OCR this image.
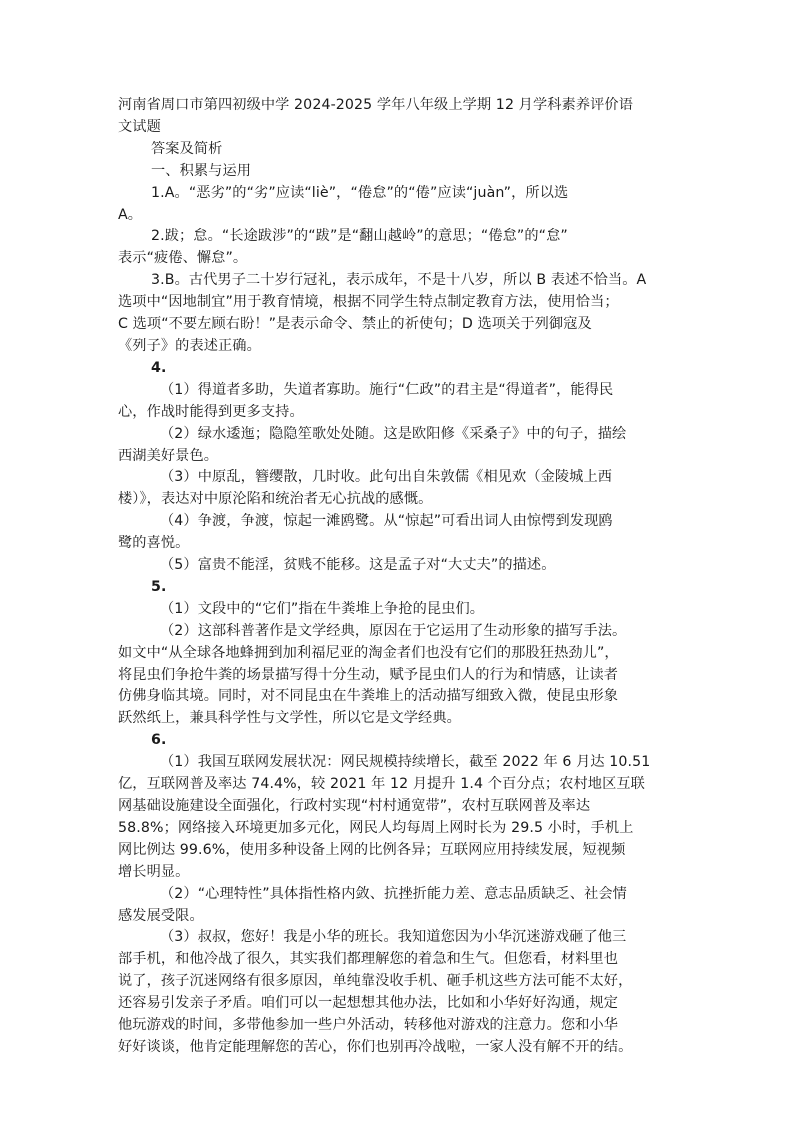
河南省周口市第四初级中学 2024-2025 学年八年级上学期 12 月学科素养评价语
文试题
答案及简析
一、积累与运用
1.A。“恶劣”的“劣”应读“liè”，“倦怠”的“倦”应读“juàn”，所以选
A。
2.跋；怠。“长途跋涉”的“跋”是“翻山越岭”的意思；“倦怠”的“怠”
表示“疲倦、懈怠”。
3.B。古代男子二十岁行冠礼，表示成年，不是十八岁，所以 B 表述不恰当。A
选项中“因地制宜”用于教育情境，根据不同学生特点制定教育方法，使用恰当；
C 选项“不要左顾右盼！”是表示命令、禁止的祈使句；D 选项关于列御寇及
《列子》的表述正确。
4.
（1）得道者多助，失道者寡助。施行“仁政”的君主是“得道者”，能得民
心，作战时能得到更多支持。
（2）绿水逶迤；隐隐笙歌处处随。这是欧阳修《采桑子》中的句子，描绘
西湖美好景色。
（3）中原乱，簪缨散，几时收。此句出自朱敦儒《相见欢（金陵城上西
楼）》，表达对中原沦陷和统治者无心抗战的感慨。
（4）争渡，争渡，惊起一滩鸥鹭。从“惊起”可看出词人由惊愕到发现鸥
鹭的喜悦。
（5）富贵不能淫，贫贱不能移。这是孟子对“大丈夫”的描述。
5.
（1）文段中的“它们”指在牛粪堆上争抢的昆虫们。
（2）这部科普著作是文学经典，原因在于它运用了生动形象的描写手法。
如文中“从全球各地蜂拥到加利福尼亚的淘金者们也没有它们的那股狂热劲儿”，
将昆虫们争抢牛粪的场景描写得十分生动，赋予昆虫们人的行为和情感，让读者
仿佛身临其境。同时，对不同昆虫在牛粪堆上的活动描写细致入微，使昆虫形象
跃然纸上，兼具科学性与文学性，所以它是文学经典。
6.
（1）我国互联网发展状况：网民规模持续增长，截至 2022 年 6 月达 10.51
亿，互联网普及率达 74.4%，较 2021 年 12 月提升 1.4 个百分点；农村地区互联
网基础设施建设全面强化，行政村实现“村村通宽带”，农村互联网普及率达
58.8%；网络接入环境更加多元化，网民人均每周上网时长为 29.5 小时，手机上
网比例达 99.6%，使用多种设备上网的比例各异；互联网应用持续发展，短视频
增长明显。
（2）“心理特性”具体指性格内敛、抗挫折能力差、意志品质缺乏、社会情
感发展受限。
（3）叔叔，您好！我是小华的班长。我知道您因为小华沉迷游戏砸了他三
部手机，和他冷战了很久，其实我们都理解您的着急和生气。但您看，材料里也
说了，孩子沉迷网络有很多原因，单纯靠没收手机、砸手机这些方法可能不太好，
还容易引发亲子矛盾。咱们可以一起想想其他办法，比如和小华好好沟通，规定
他玩游戏的时间，多带他参加一些户外活动，转移他对游戏的注意力。您和小华
好好谈谈，他肯定能理解您的苦心，你们也别再冷战啦，一家人没有解不开的结。
